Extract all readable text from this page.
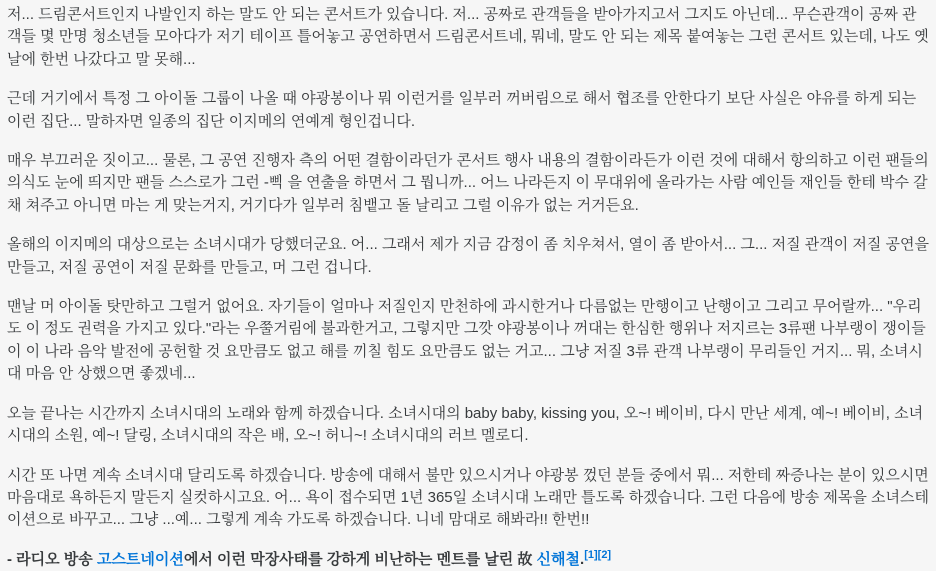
저... 드림콘서트인지 나발인지 하는 말도 안 되는 콘서트가 있습니다. 저... 공짜로 관객들을 받아가지고서 그지도 아닌데... 무슨관객이 공짜 관객들 몇 만명 청소년들 모아다가 저기 테이프 틀어놓고 공연하면서 드림콘서트네, 뭐네, 말도 안 되는 제목 붙여놓는 그런 콘서트 있는데, 나도 옛날에 한번 나갔다고 말 못해...

근데 거기에서 특정 그 아이돌 그룹이 나올 때 야광봉이나 뭐 이런거를 일부러 꺼버림으로 해서 협조를 안한다기 보단 사실은 야유를 하게 되는 이런 집단... 말하자면 일종의 집단 이지메의 연예계 형인겁니다.

매우 부끄러운 짓이고... 물론, 그 공연 진행자 측의 어떤 결함이라던가 콘서트 행사 내용의 결함이라든가 이런 것에 대해서 항의하고 이런 팬들의 의식도 눈에 띄지만 팬들 스스로가 그런 -삑 을 연출을 하면서 그 뭡니까... 어느 나라든지 이 무대위에 올라가는 사람 예인들 재인들 한테 박수 갈채 쳐주고 아니면 마는 게 맞는거지, 거기다가 일부러 침뱉고 돌 날리고 그럴 이유가 없는 거거든요.

올해의 이지메의 대상으로는 소녀시대가 당했더군요. 어... 그래서 제가 지금 감정이 좀 치우쳐서, 열이 좀 받아서... 그... 저질 관객이 저질 공연을 만들고, 저질 공연이 저질 문화를 만들고, 머 그런 겁니다.

맨날 머 아이돌 탓만하고 그럴거 없어요. 자기들이 얼마나 저질인지 만천하에 과시한거나 다름없는 만행이고 난행이고 그리고 무어랄까... "우리도 이 정도 권력을 가지고 있다."라는 우쭐거림에 불과한거고, 그렇지만 그깟 야광봉이나 꺼대는 한심한 행위나 저지르는 3류팬 나부랭이 쟁이들이 이 나라 음악 발전에 공헌할 것 요만큼도 없고 해를 끼칠 힘도 요만큼도 없는 거고... 그냥 저질 3류 관객 나부랭이 무리들인 거지... 뭐, 소녀시대 마음 안 상했으면 좋겠네...

오늘 끝나는 시간까지 소녀시대의 노래와 함께 하겠습니다. 소녀시대의 baby baby, kissing you, 오~! 베이비, 다시 만난 세계, 예~! 베이비, 소녀시대의 소원, 예~! 달링, 소녀시대의 작은 배, 오~! 허니~! 소녀시대의 러브 멜로디.

시간 또 나면 계속 소녀시대 달리도록 하겠습니다. 방송에 대해서 불만 있으시거나 야광봉 껐던 분들 중에서 뭐... 저한테 짜증나는 분이 있으시면 마음대로 욕하든지 말든지 실컷하시고요. 어... 욕이 접수되면 1년 365일 소녀시대 노래만 틀도록 하겠습니다. 그런 다음에 방송 제목을 소녀스테이션으로 바꾸고... 그냥 ...예... 그렇게 계속 가도록 하겠습니다. 니네 맘대로 해봐라!! 한번!!

- 라디오 방송 고스트네이션에서 이런 막장사태를 강하게 비난하는 멘트를 날린 故 신해철.[1][2]
